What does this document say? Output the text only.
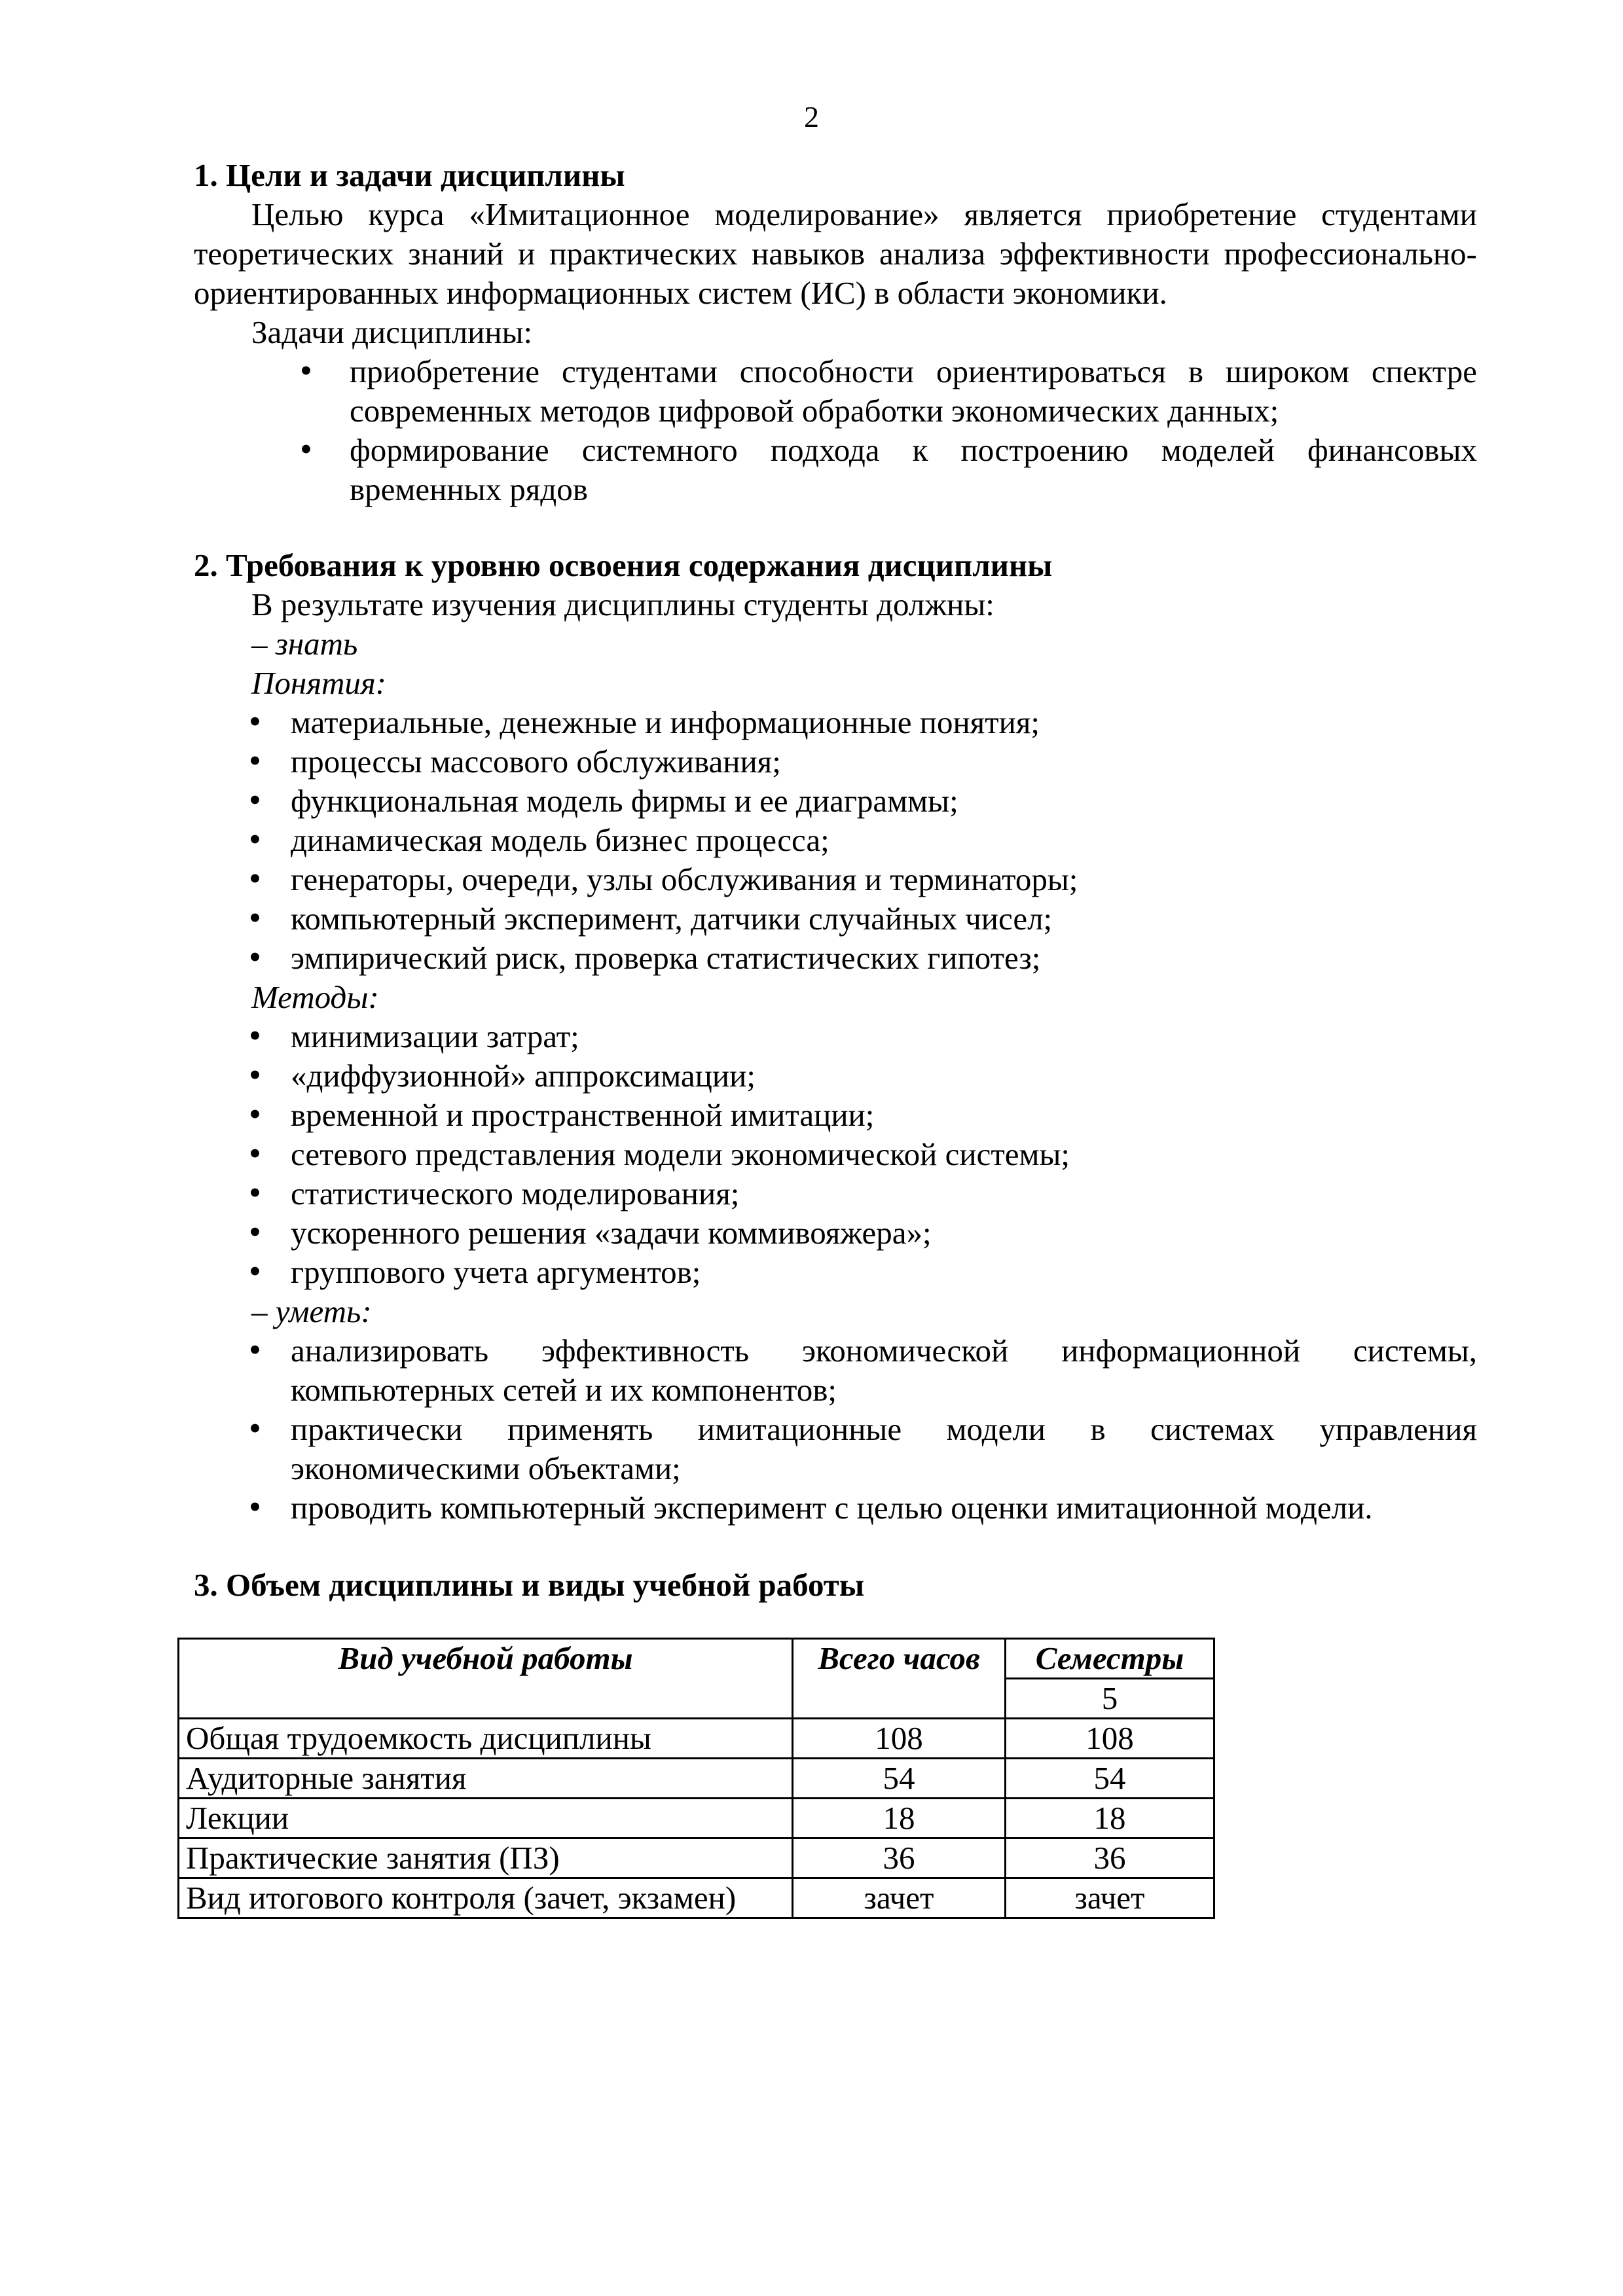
2
1. Цели и задачи дисциплины

Целью курса «Имитационное моделирование» является приобретение студентами теоретических знаний и практических навыков анализа эффективности профессионально-ориентированных информационных систем (ИС) в области экономики.

Задачи дисциплины:
• приобретение студентами способности ориентироваться в широком спектре современных методов цифровой обработки экономических данных;
• формирование системного подхода к построению моделей финансовых временных рядов
2. Требования к уровню освоения содержания дисциплины
В результате изучения дисциплины студенты должны:
– знать
Понятия:
• материальные, денежные и информационные понятия;
• процессы массового обслуживания;
• функциональная модель фирмы и ее диаграммы;
• динамическая модель бизнес процесса;
• генераторы, очереди, узлы обслуживания и терминаторы;
• компьютерный эксперимент, датчики случайных чисел;
• эмпирический риск, проверка статистических гипотез;
Методы:
• минимизации затрат;
• «диффузионной» аппроксимации;
• временной и пространственной имитации;
• сетевого представления модели экономической системы;
• статистического моделирования;
• ускоренного решения «задачи коммивояжера»;
• группового учета аргументов;
– уметь:
• анализировать эффективность экономической информационной системы, компьютерных сетей и их компонентов;
• практически применять имитационные модели в системах управления экономическими объектами;
• проводить компьютерный эксперимент с целью оценки имитационной модели.
3. Объем дисциплины и виды учебной работы
Вид учебной работы	Всего часов	Семестры
		5
Общая трудоемкость дисциплины	108	108
Аудиторные занятия	54	54
Лекции	18	18
Практические занятия (ПЗ)	36	36
Вид итогового контроля (зачет, экзамен)	зачет	зачет
